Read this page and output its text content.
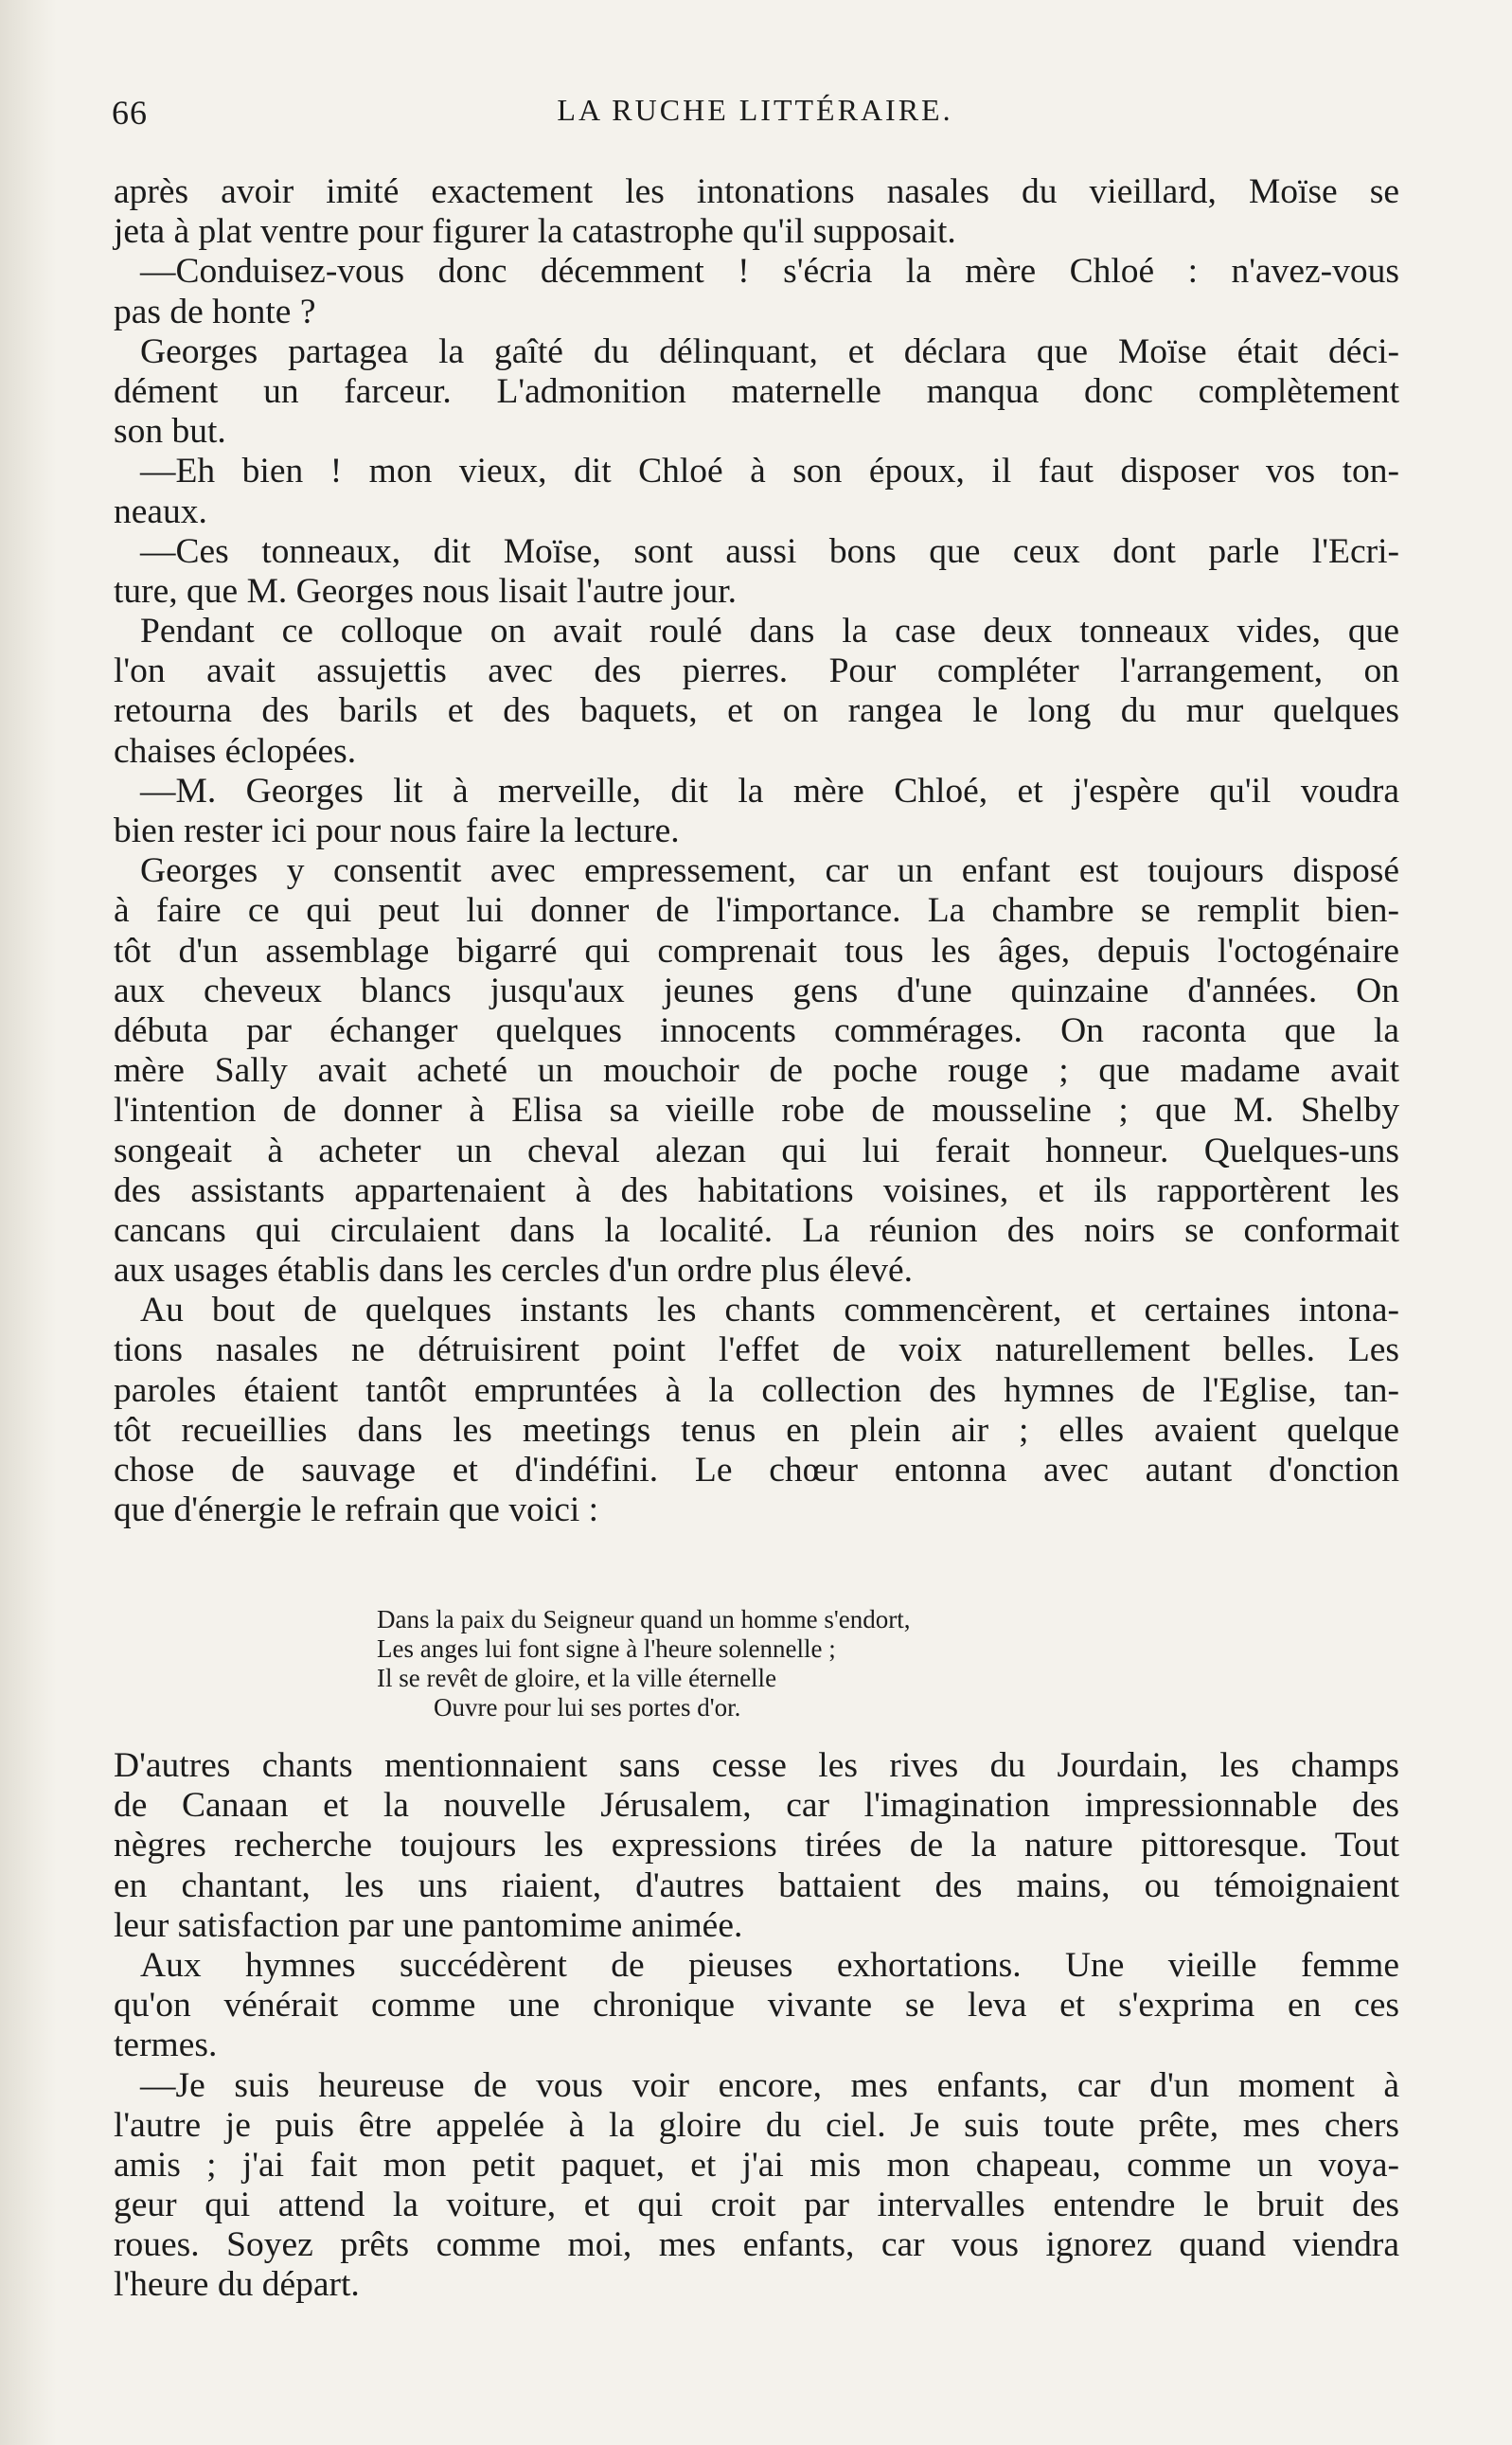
66	LA RUCHE LITTÉRAIRE.
après avoir imité exactement les intonations nasales du vieillard, Moïse se
jeta à plat ventre pour figurer la catastrophe qu'il supposait.
—Conduisez-vous donc décemment ! s'écria la mère Chloé : n'avez-vous
pas de honte ?
Georges partagea la gaîté du délinquant, et déclara que Moïse était déci-
dément un farceur. L'admonition maternelle manqua donc complètement
son but.
—Eh bien ! mon vieux, dit Chloé à son époux, il faut disposer vos ton-
neaux.
—Ces tonneaux, dit Moïse, sont aussi bons que ceux dont parle l'Ecri-
ture, que M. Georges nous lisait l'autre jour.
Pendant ce colloque on avait roulé dans la case deux tonneaux vides, que
l'on avait assujettis avec des pierres. Pour compléter l'arrangement, on
retourna des barils et des baquets, et on rangea le long du mur quelques
chaises éclopées.
—M. Georges lit à merveille, dit la mère Chloé, et j'espère qu'il voudra
bien rester ici pour nous faire la lecture.
Georges y consentit avec empressement, car un enfant est toujours disposé
à faire ce qui peut lui donner de l'importance. La chambre se remplit bien-
tôt d'un assemblage bigarré qui comprenait tous les âges, depuis l'octogénaire
aux cheveux blancs jusqu'aux jeunes gens d'une quinzaine d'années. On
débuta par échanger quelques innocents commérages. On raconta que la
mère Sally avait acheté un mouchoir de poche rouge ; que madame avait
l'intention de donner à Elisa sa vieille robe de mousseline ; que M. Shelby
songeait à acheter un cheval alezan qui lui ferait honneur. Quelques-uns
des assistants appartenaient à des habitations voisines, et ils rapportèrent les
cancans qui circulaient dans la localité. La réunion des noirs se conformait
aux usages établis dans les cercles d'un ordre plus élevé.
Au bout de quelques instants les chants commencèrent, et certaines intona-
tions nasales ne détruisirent point l'effet de voix naturellement belles. Les
paroles étaient tantôt empruntées à la collection des hymnes de l'Eglise, tan-
tôt recueillies dans les meetings tenus en plein air ; elles avaient quelque
chose de sauvage et d'indéfini. Le chœur entonna avec autant d'onction
que d'énergie le refrain que voici :
Dans la paix du Seigneur quand un homme s'endort,
Les anges lui font signe à l'heure solennelle ;
Il se revêt de gloire, et la ville éternelle
Ouvre pour lui ses portes d'or.
D'autres chants mentionnaient sans cesse les rives du Jourdain, les champs
de Canaan et la nouvelle Jérusalem, car l'imagination impressionnable des
nègres recherche toujours les expressions tirées de la nature pittoresque. Tout
en chantant, les uns riaient, d'autres battaient des mains, ou témoignaient
leur satisfaction par une pantomime animée.
Aux hymnes succédèrent de pieuses exhortations. Une vieille femme
qu'on vénérait comme une chronique vivante se leva et s'exprima en ces
termes.
—Je suis heureuse de vous voir encore, mes enfants, car d'un moment à
l'autre je puis être appelée à la gloire du ciel. Je suis toute prête, mes chers
amis ; j'ai fait mon petit paquet, et j'ai mis mon chapeau, comme un voya-
geur qui attend la voiture, et qui croit par intervalles entendre le bruit des
roues. Soyez prêts comme moi, mes enfants, car vous ignorez quand viendra
l'heure du départ.
